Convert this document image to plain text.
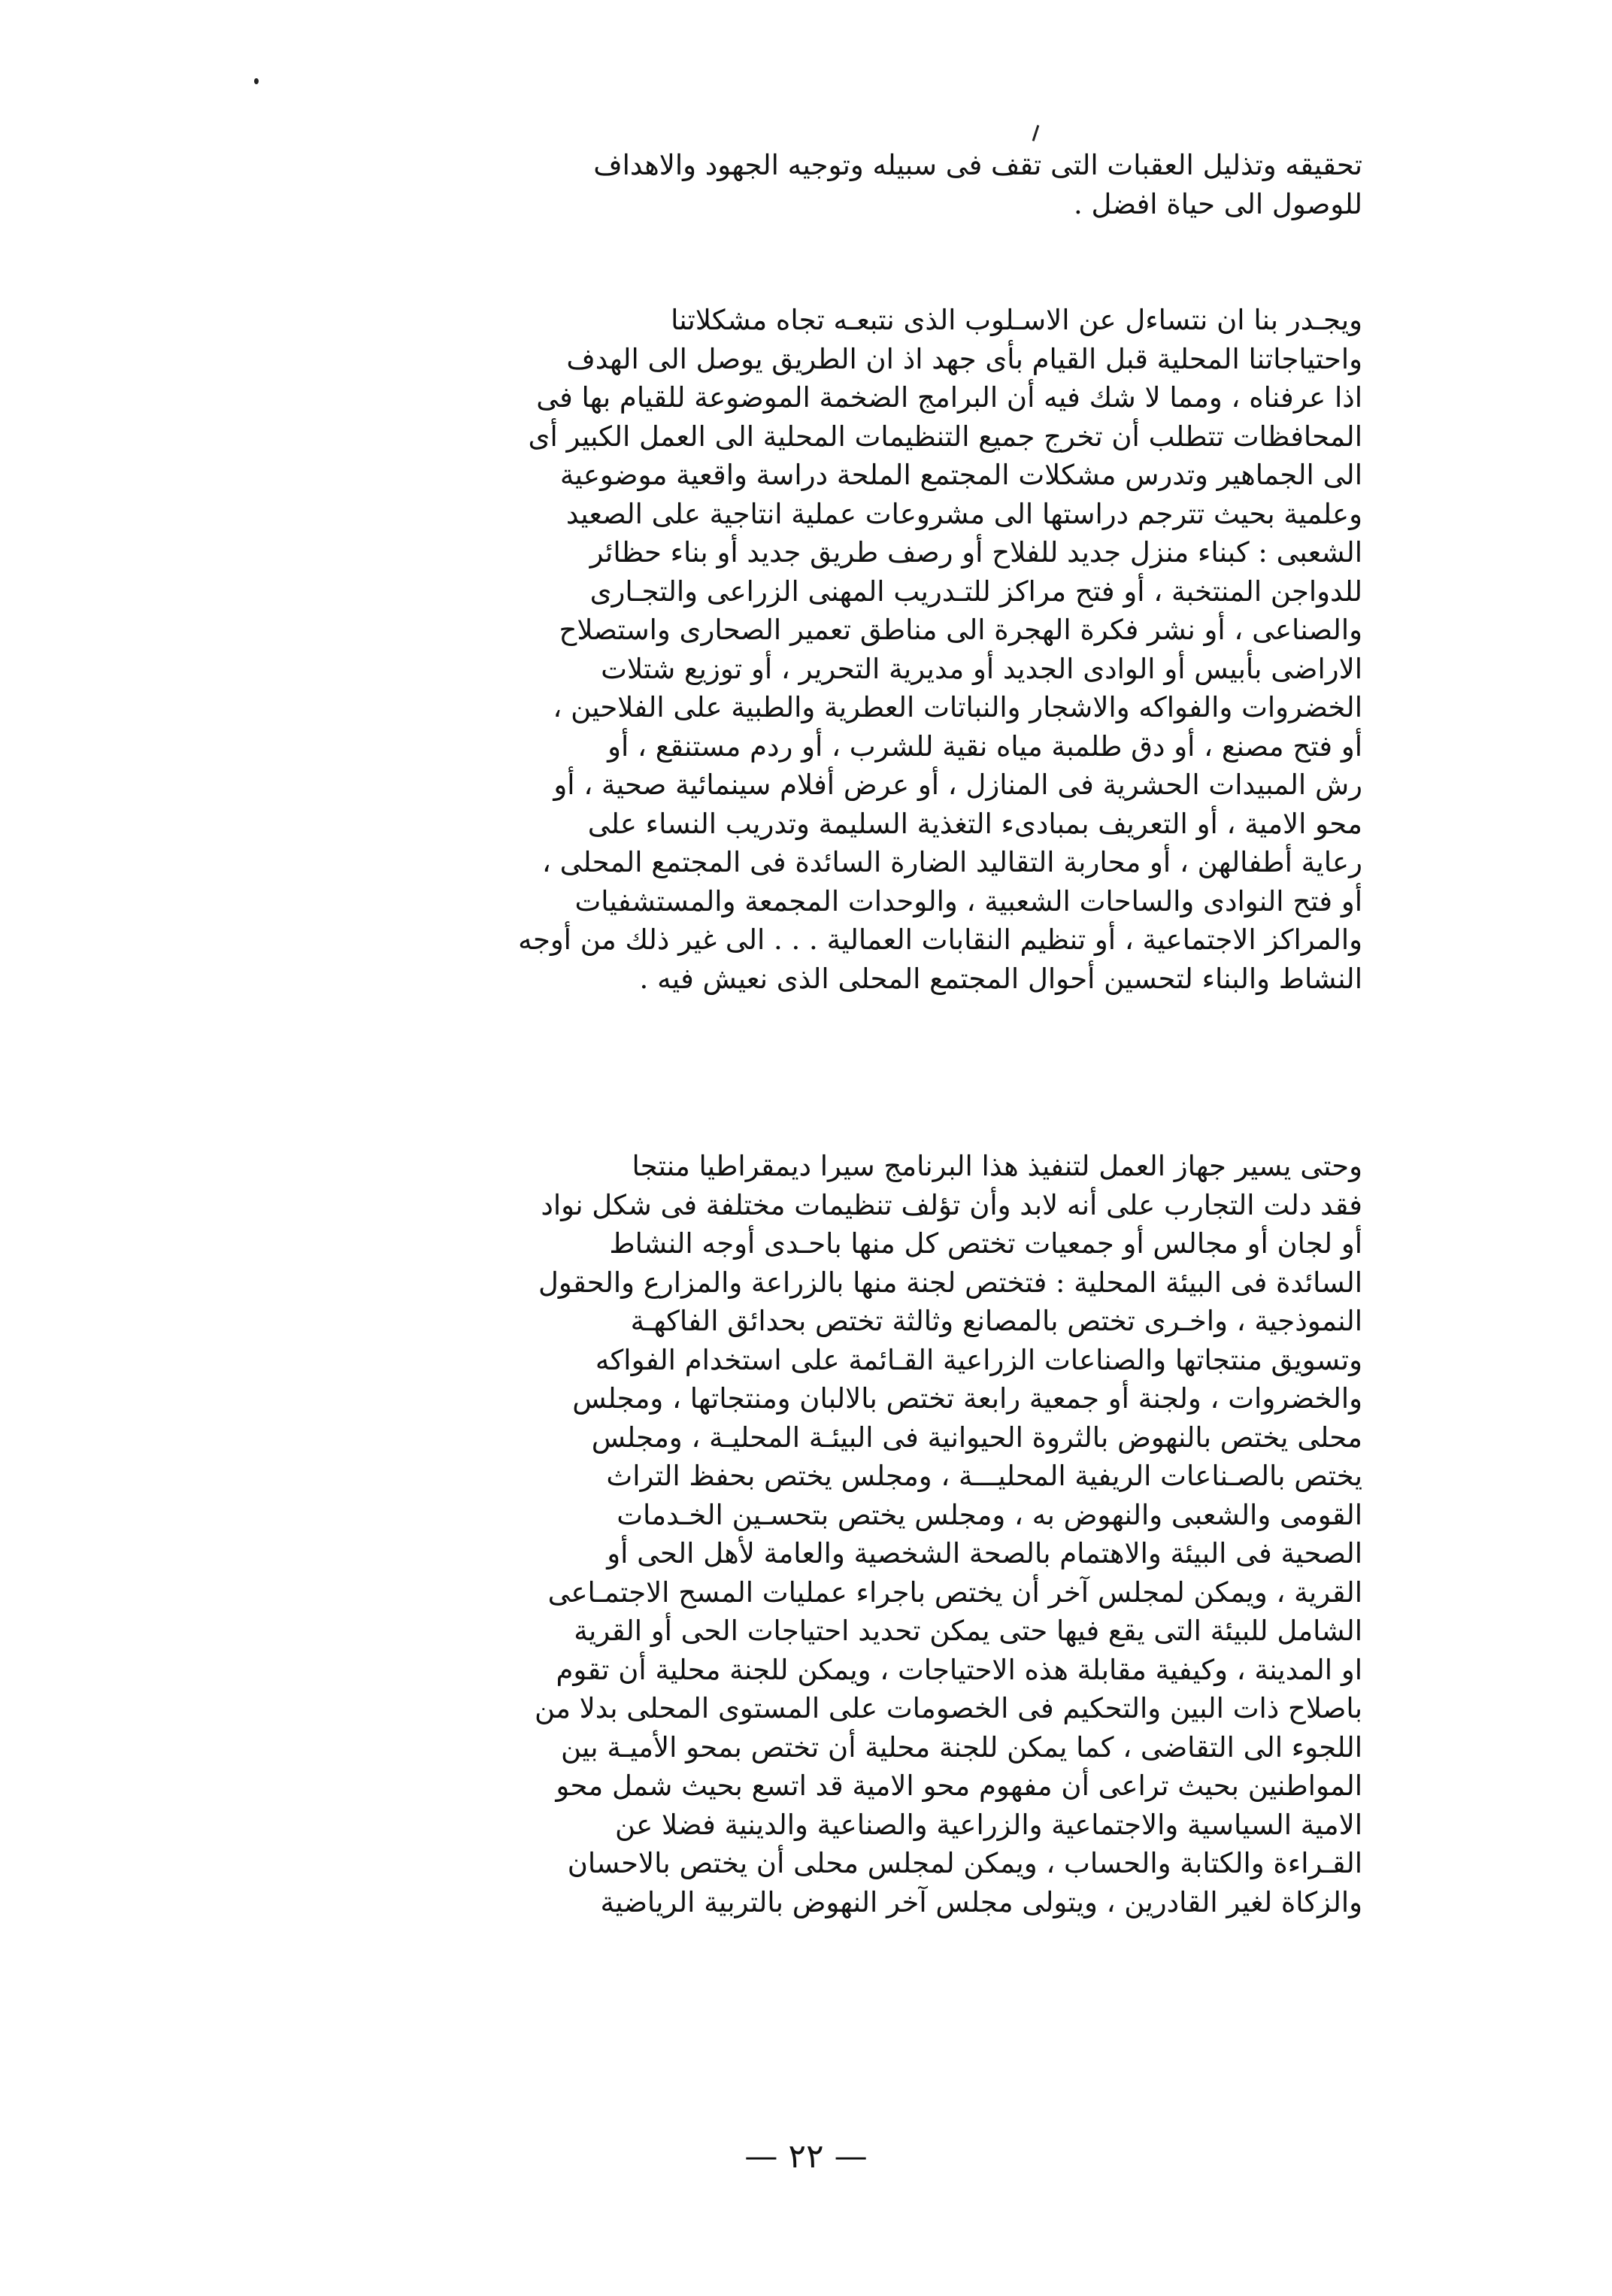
تحقيقه وتذليل العقبات التى تقف فى سبيله وتوجيه الجهود والاهداف
للوصول الى حياة افضل .
ويجـدر بنا ان نتساءل عن الاسـلوب الذى نتبعـه تجاه مشكلاتنا
واحتياجاتنا المحلية قبل القيام بأى جهد اذ ان الطريق يوصل الى الهدف
اذا عرفناه ، ومما لا شك فيه أن البرامج الضخمة الموضوعة للقيام بها فى
المحافظات تتطلب أن تخرج جميع التنظيمات المحلية الى العمل الكبير أى
الى الجماهير وتدرس مشكلات المجتمع الملحة دراسة واقعية موضوعية
وعلمية بحيث تترجم دراستها الى مشروعات عملية انتاجية على الصعيد
الشعبى : كبناء منزل جديد للفلاح أو رصف طريق جديد أو بناء حظائر
للدواجن المنتخبة ، أو فتح مراكز للتـدريب المهنى الزراعى والتجـارى
والصناعى ، أو نشر فكرة الهجرة الى مناطق تعمير الصحارى واستصلاح
الاراضى بأبيس أو الوادى الجديد أو مديرية التحرير ، أو توزيع شتلات
الخضروات والفواكه والاشجار والنباتات العطرية والطبية على الفلاحين ،
أو فتح مصنع ، أو دق طلمبة مياه نقية للشرب ، أو ردم مستنقع ، أو
رش المبيدات الحشرية فى المنازل ، أو عرض أفلام سينمائية صحية ، أو
محو الامية ، أو التعريف بمبادىء التغذية السليمة وتدريب النساء على
رعاية أطفالهن ، أو محاربة التقاليد الضارة السائدة فى المجتمع المحلى ،
أو فتح النوادى والساحات الشعبية ، والوحدات المجمعة والمستشفيات
والمراكز الاجتماعية ، أو تنظيم النقابات العمالية . . . الى غير ذلك من أوجه
النشاط والبناء لتحسين أحوال المجتمع المحلى الذى نعيش فيه .
وحتى يسير جهاز العمل لتنفيذ هذا البرنامج سيرا ديمقراطيا منتجا
فقد دلت التجارب على أنه لابد وأن تؤلف تنظيمات مختلفة فى شكل نواد
أو لجان أو مجالس أو جمعيات تختص كل منها باحـدى أوجه النشاط
السائدة فى البيئة المحلية : فتختص لجنة منها بالزراعة والمزارع والحقول
النموذجية ، واخـرى تختص بالمصانع وثالثة تختص بحدائق الفاكهـة
وتسويق منتجاتها والصناعات الزراعية القـائمة على استخدام الفواكه
والخضروات ، ولجنة أو جمعية رابعة تختص بالالبان ومنتجاتها ، ومجلس
محلى يختص بالنهوض بالثروة الحيوانية فى البيئـة المحليـة ، ومجلس
يختص بالصـناعات الريفية المحليـــة ، ومجلس يختص بحفظ التراث
القومى والشعبى والنهوض به ، ومجلس يختص بتحسـين الخـدمات
الصحية فى البيئة والاهتمام بالصحة الشخصية والعامة لأهل الحى أو
القرية ، ويمكن لمجلس آخر أن يختص باجراء عمليات المسح الاجتمـاعى
الشامل للبيئة التى يقع فيها حتى يمكن تحديد احتياجات الحى أو القرية
او المدينة ، وكيفية مقابلة هذه الاحتياجات ، ويمكن للجنة محلية أن تقوم
باصلاح ذات البين والتحكيم فى الخصومات على المستوى المحلى بدلا من
اللجوء الى التقاضى ، كما يمكن للجنة محلية أن تختص بمحو الأميـة بين
المواطنين بحيث تراعى أن مفهوم محو الامية قد اتسع بحيث شمل محو
الامية السياسية والاجتماعية والزراعية والصناعية والدينية فضلا عن
القـراءة والكتابة والحساب ، ويمكن لمجلس محلى أن يختص بالاحسان
والزكاة لغير القادرين ، ويتولى مجلس آخر النهوض بالتربية الرياضية
— ٢٢ —
